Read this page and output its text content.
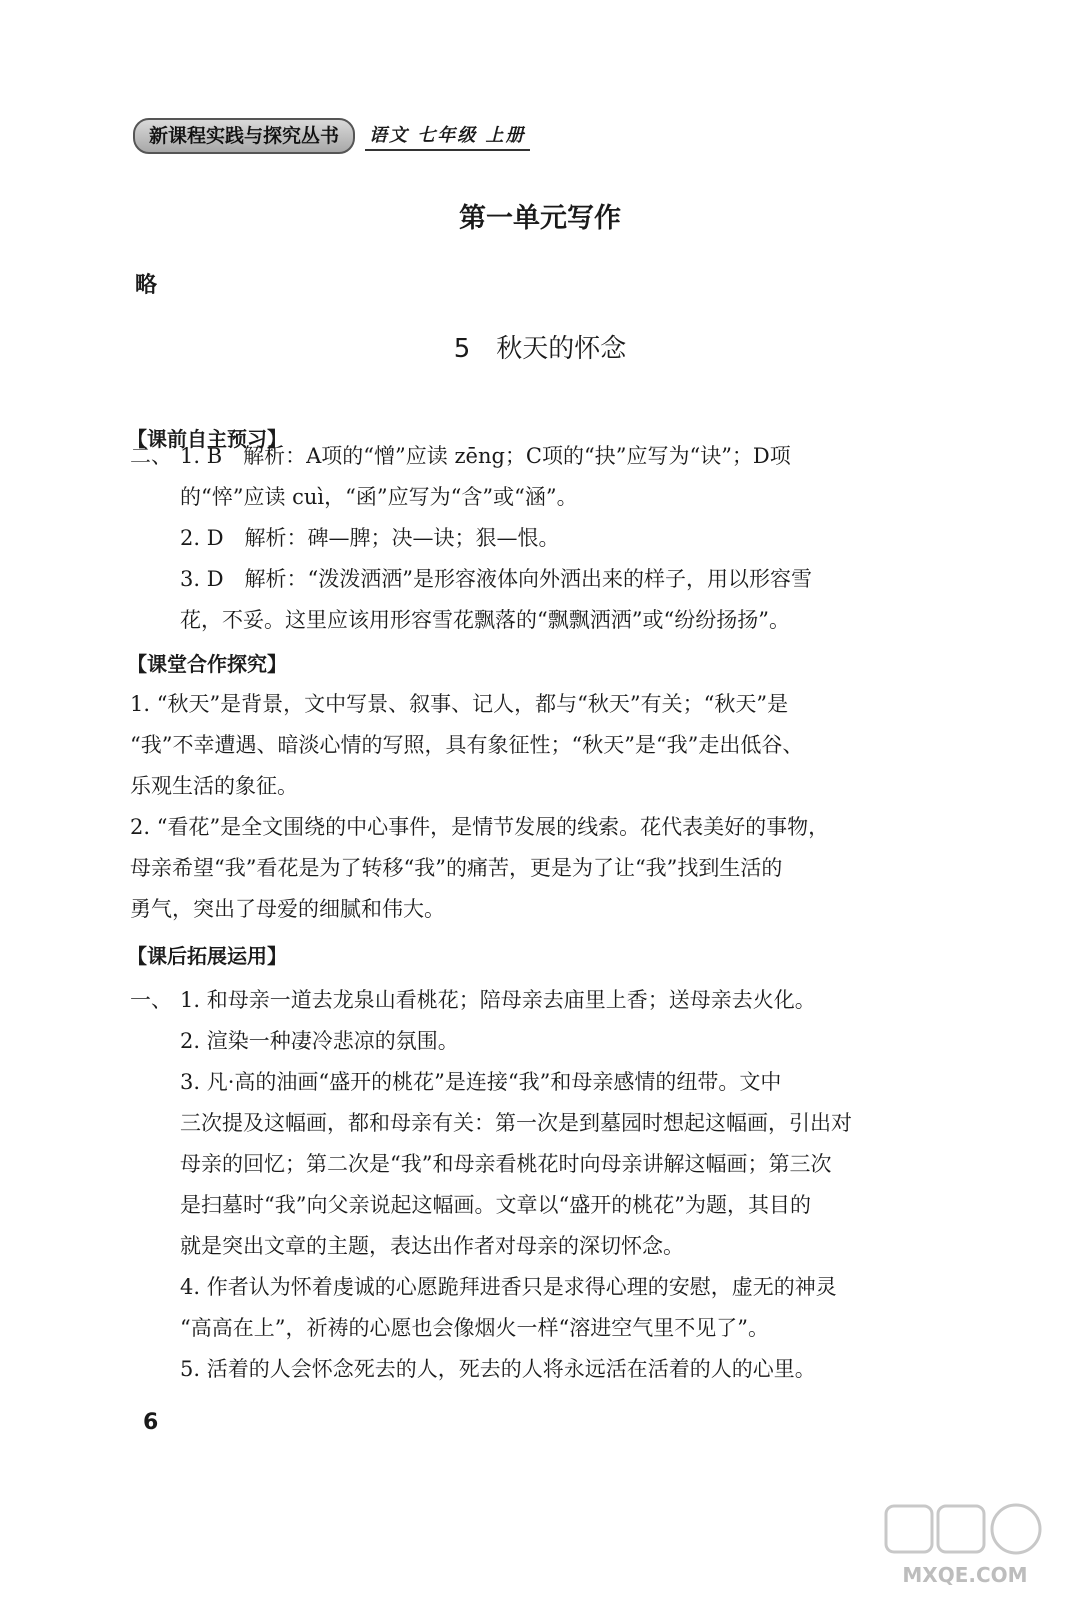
新课程实践与探究丛书	语文 七年级 上册
第一单元写作
略
5　秋天的怀念
【课前自主预习】
二、 1. B　解析：A项的“憎”应读 zēng；C项的“抉”应写为“诀”；D项
的“悴”应读 cuì，“函”应写为“含”或“涵”。
2. D　解析：碑—脾；决—诀；狠—恨。
3. D　解析：“泼泼洒洒”是形容液体向外洒出来的样子，用以形容雪
花，不妥。这里应该用形容雪花飘落的“飘飘洒洒”或“纷纷扬扬”。
【课堂合作探究】
1. “秋天”是背景，文中写景、叙事、记人，都与“秋天”有关；“秋天”是
“我”不幸遭遇、暗淡心情的写照，具有象征性；“秋天”是“我”走出低谷、
乐观生活的象征。
2. “看花”是全文围绕的中心事件，是情节发展的线索。花代表美好的事物，
母亲希望“我”看花是为了转移“我”的痛苦，更是为了让“我”找到生活的
勇气，突出了母爱的细腻和伟大。
【课后拓展运用】
一、 1. 和母亲一道去龙泉山看桃花；陪母亲去庙里上香；送母亲去火化。
2. 渲染一种凄冷悲凉的氛围。
3. 凡·高的油画“盛开的桃花”是连接“我”和母亲感情的纽带。文中
三次提及这幅画，都和母亲有关：第一次是到墓园时想起这幅画，引出对
母亲的回忆；第二次是“我”和母亲看桃花时向母亲讲解这幅画；第三次
是扫墓时“我”向父亲说起这幅画。文章以“盛开的桃花”为题，其目的
就是突出文章的主题，表达出作者对母亲的深切怀念。
4. 作者认为怀着虔诚的心愿跪拜进香只是求得心理的安慰，虚无的神灵
“高高在上”，祈祷的心愿也会像烟火一样“溶进空气里不见了”。
5. 活着的人会怀念死去的人，死去的人将永远活在活着的人的心里。
6
MXQE.COM
